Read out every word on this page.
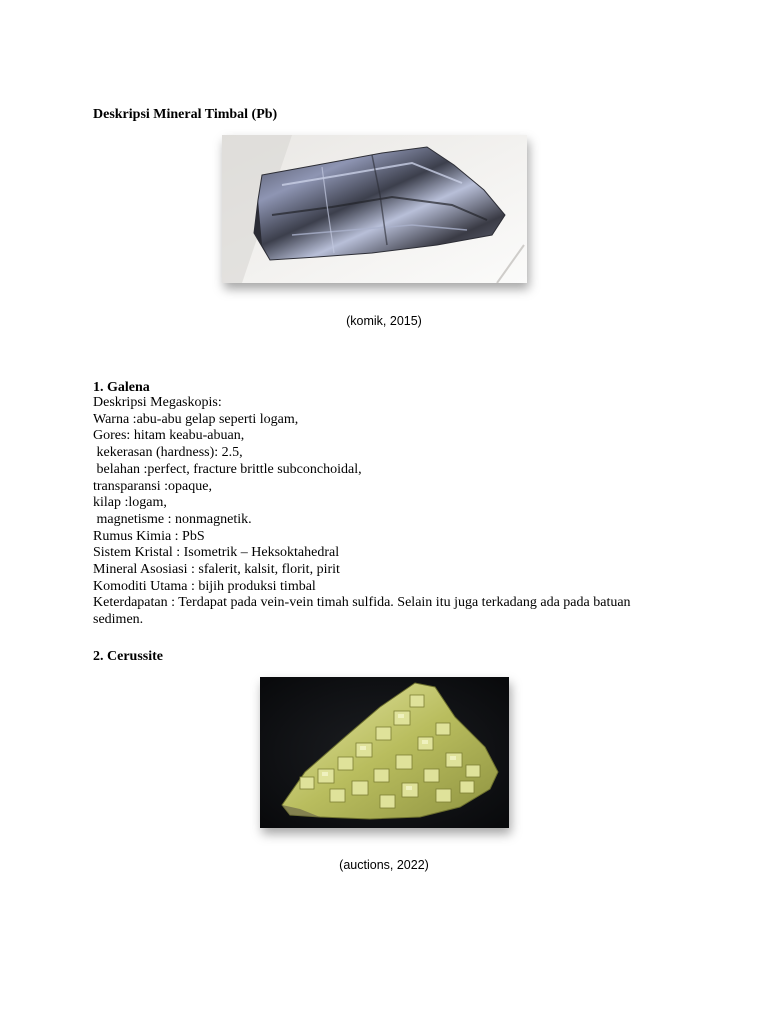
Deskripsi Mineral Timbal (Pb)
(komik, 2015)
1. Galena
Deskripsi Megaskopis:
Warna :abu-abu gelap seperti logam,
Gores: hitam keabu-abuan,
kekerasan (hardness): 2.5,
belahan :perfect, fracture brittle subconchoidal,
transparansi :opaque,
kilap :logam,
magnetisme : nonmagnetik.
Rumus Kimia : PbS
Sistem Kristal : Isometrik – Heksoktahedral
Mineral Asosiasi : sfalerit, kalsit, florit, pirit
Komoditi Utama : bijih produksi timbal
Keterdapatan : Terdapat pada vein-vein timah sulfida. Selain itu juga terkadang ada pada batuan sedimen.
2. Cerussite
(auctions, 2022)
